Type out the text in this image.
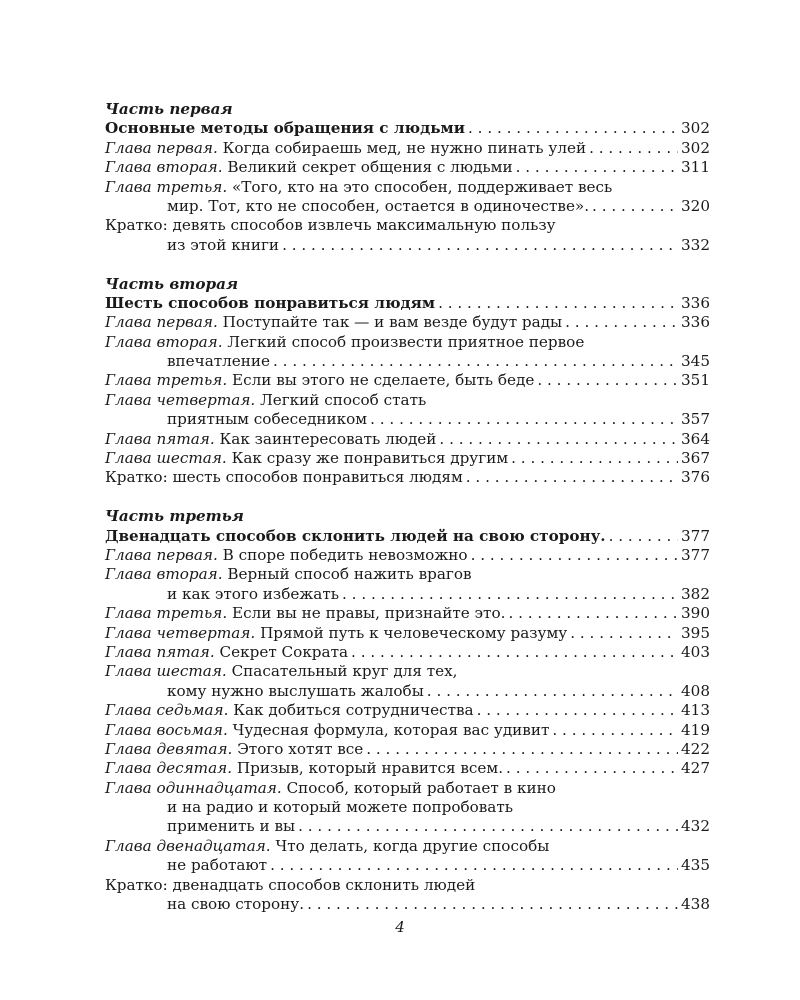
Часть первая
Основные методы обращения с людьми . . .	302
Глава первая. Когда собираешь мед, не нужно пинать улей . . .	302
Глава вторая. Великий секрет общения с людьми . . .	311
Глава третья. «Того, кто на это способен, поддерживает весь
мир. Тот, кто не способен, остается в одиночестве». . . .	320
Кратко: девять способов извлечь максимальную пользу
из этой книги . . .	332
Часть вторая
Шесть способов понравиться людям . . .	336
Глава первая. Поступайте так — и вам везде будут рады . . .	336
Глава вторая. Легкий способ произвести приятное первое
впечатление . . .	345
Глава третья. Если вы этого не сделаете, быть беде . . .	351
Глава четвертая. Легкий способ стать
приятным собеседником . . .	357
Глава пятая. Как заинтересовать людей . . .	364
Глава шестая. Как сразу же понравиться другим . . .	367
Кратко: шесть способов понравиться людям . . .	376
Часть третья
Двенадцать способов склонить людей на свою сторону. . . .	377
Глава первая. В споре победить невозможно . . .	377
Глава вторая. Верный способ нажить врагов
и как этого избежать . . .	382
Глава третья. Если вы не правы, признайте это. . . .	390
Глава четвертая. Прямой путь к человеческому разуму . . .	395
Глава пятая. Секрет Сократа . . .	403
Глава шестая. Спасательный круг для тех,
кому нужно выслушать жалобы . . .	408
Глава седьмая. Как добиться сотрудничества . . .	413
Глава восьмая. Чудесная формула, которая вас удивит . . .	419
Глава девятая. Этого хотят все . . .	422
Глава десятая. Призыв, который нравится всем. . . .	427
Глава одиннадцатая. Способ, который работает в кино
и на радио и который можете попробовать
применить и вы . . .	432
Глава двенадцатая. Что делать, когда другие способы
не работают . . .	435
Кратко: двенадцать способов склонить людей
на свою сторону. . . .	438
4
